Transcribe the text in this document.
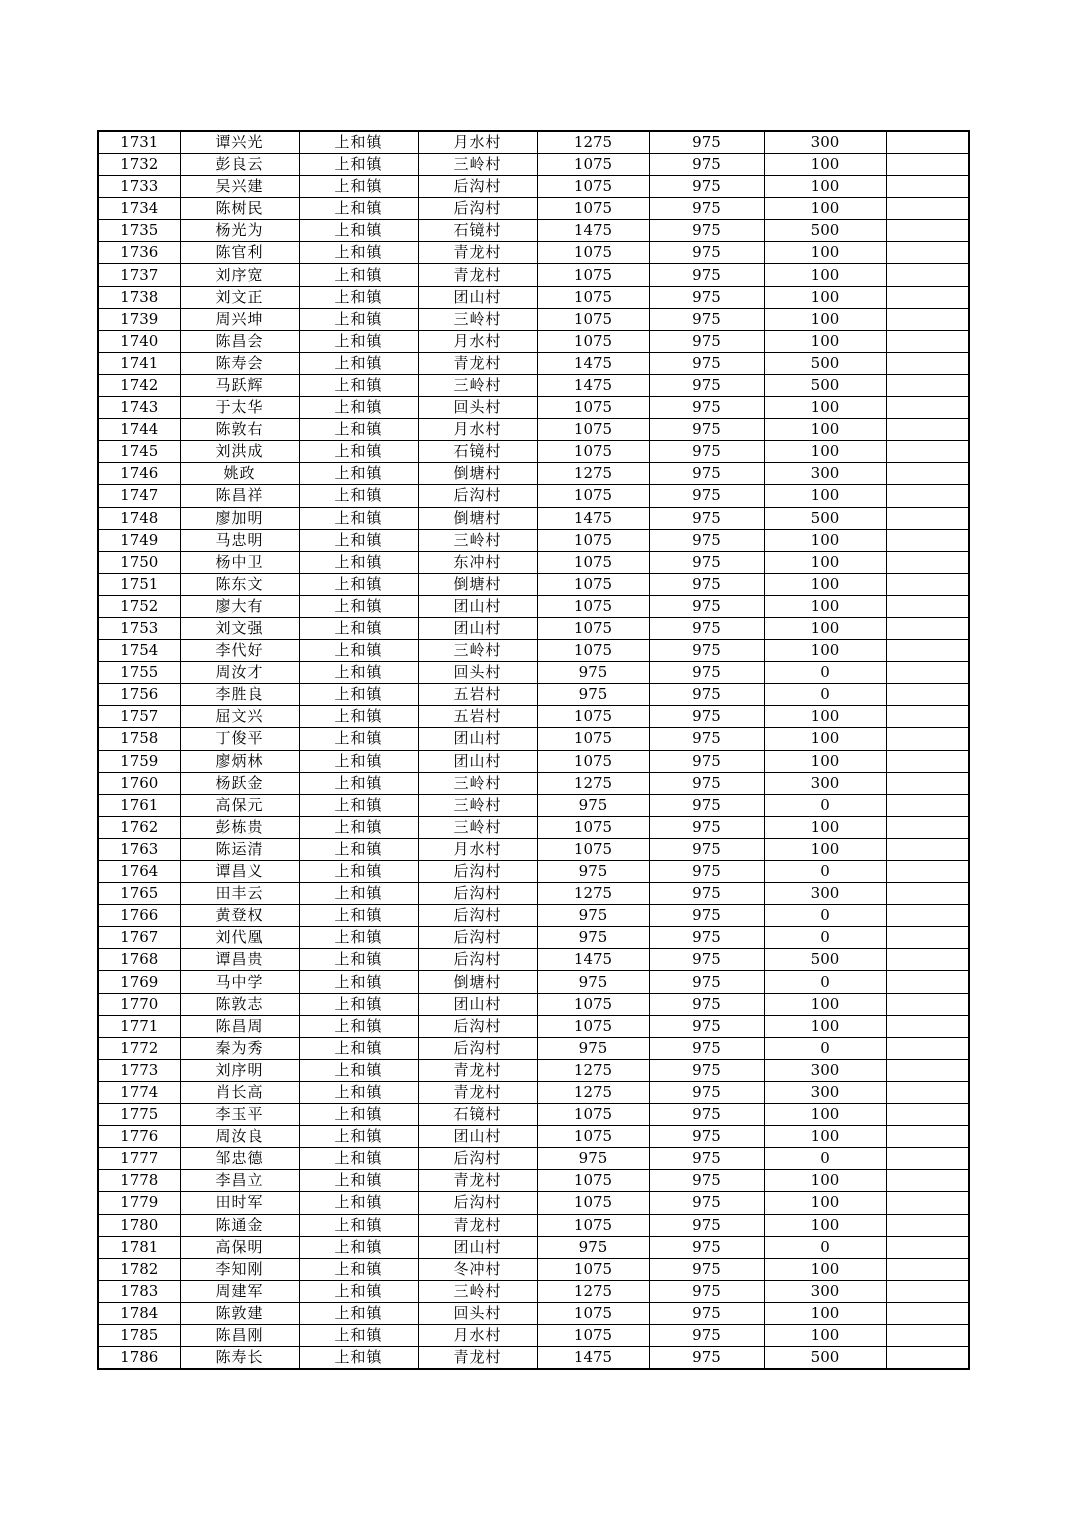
1731	谭兴光	上和镇	月水村	1275	975	300	
1732	彭良云	上和镇	三岭村	1075	975	100	
1733	吴兴建	上和镇	后沟村	1075	975	100	
1734	陈树民	上和镇	后沟村	1075	975	100	
1735	杨光为	上和镇	石镜村	1475	975	500	
1736	陈官利	上和镇	青龙村	1075	975	100	
1737	刘序宽	上和镇	青龙村	1075	975	100	
1738	刘文正	上和镇	团山村	1075	975	100	
1739	周兴坤	上和镇	三岭村	1075	975	100	
1740	陈昌会	上和镇	月水村	1075	975	100	
1741	陈寿会	上和镇	青龙村	1475	975	500	
1742	马跃辉	上和镇	三岭村	1475	975	500	
1743	于太华	上和镇	回头村	1075	975	100	
1744	陈敦右	上和镇	月水村	1075	975	100	
1745	刘洪成	上和镇	石镜村	1075	975	100	
1746	姚政	上和镇	倒塘村	1275	975	300	
1747	陈昌祥	上和镇	后沟村	1075	975	100	
1748	廖加明	上和镇	倒塘村	1475	975	500	
1749	马忠明	上和镇	三岭村	1075	975	100	
1750	杨中卫	上和镇	东冲村	1075	975	100	
1751	陈东文	上和镇	倒塘村	1075	975	100	
1752	廖大有	上和镇	团山村	1075	975	100	
1753	刘文强	上和镇	团山村	1075	975	100	
1754	李代好	上和镇	三岭村	1075	975	100	
1755	周汝才	上和镇	回头村	975	975	0	
1756	李胜良	上和镇	五岩村	975	975	0	
1757	屈文兴	上和镇	五岩村	1075	975	100	
1758	丁俊平	上和镇	团山村	1075	975	100	
1759	廖炳林	上和镇	团山村	1075	975	100	
1760	杨跃金	上和镇	三岭村	1275	975	300	
1761	高保元	上和镇	三岭村	975	975	0	
1762	彭栋贵	上和镇	三岭村	1075	975	100	
1763	陈运清	上和镇	月水村	1075	975	100	
1764	谭昌义	上和镇	后沟村	975	975	0	
1765	田丰云	上和镇	后沟村	1275	975	300	
1766	黄登权	上和镇	后沟村	975	975	0	
1767	刘代凰	上和镇	后沟村	975	975	0	
1768	谭昌贵	上和镇	后沟村	1475	975	500	
1769	马中学	上和镇	倒塘村	975	975	0	
1770	陈敦志	上和镇	团山村	1075	975	100	
1771	陈昌周	上和镇	后沟村	1075	975	100	
1772	秦为秀	上和镇	后沟村	975	975	0	
1773	刘序明	上和镇	青龙村	1275	975	300	
1774	肖长高	上和镇	青龙村	1275	975	300	
1775	李玉平	上和镇	石镜村	1075	975	100	
1776	周汝良	上和镇	团山村	1075	975	100	
1777	邹忠德	上和镇	后沟村	975	975	0	
1778	李昌立	上和镇	青龙村	1075	975	100	
1779	田时军	上和镇	后沟村	1075	975	100	
1780	陈通金	上和镇	青龙村	1075	975	100	
1781	高保明	上和镇	团山村	975	975	0	
1782	李知刚	上和镇	冬冲村	1075	975	100	
1783	周建军	上和镇	三岭村	1275	975	300	
1784	陈敦建	上和镇	回头村	1075	975	100	
1785	陈昌刚	上和镇	月水村	1075	975	100	
1786	陈寿长	上和镇	青龙村	1475	975	500	
